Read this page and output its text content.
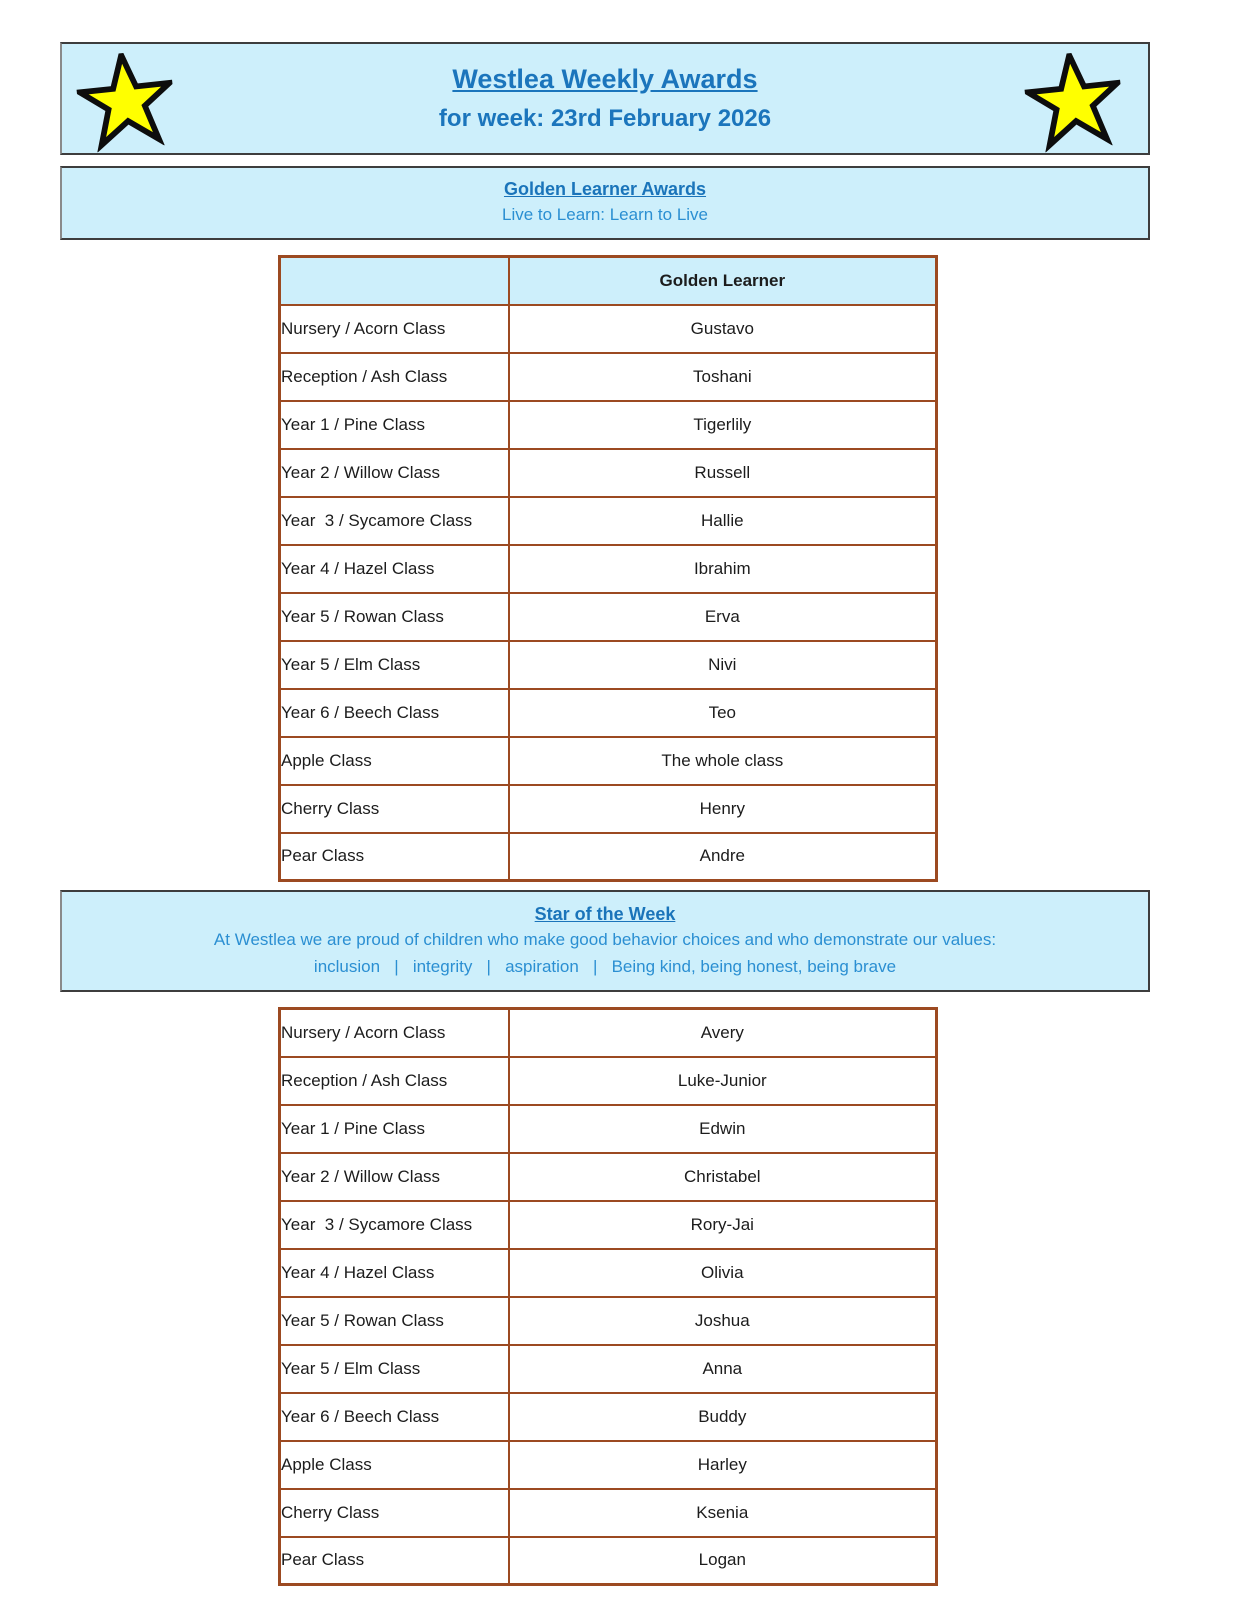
Westlea Weekly Awards
for week: 23rd February 2026
Golden Learner Awards
Live to Learn: Learn to Live
	Golden Learner
Nursery / Acorn Class	Gustavo
Reception / Ash Class	Toshani
Year 1 / Pine Class	Tigerlily
Year 2 / Willow Class	Russell
Year  3 / Sycamore Class	Hallie
Year 4 / Hazel Class	Ibrahim
Year 5 / Rowan Class	Erva
Year 5 / Elm Class	Nivi
Year 6 / Beech Class	Teo
Apple Class	The whole class
Cherry Class	Henry
Pear Class	Andre
Star of the Week
At Westlea we are proud of children who make good behavior choices and who demonstrate our values:
inclusion   |   integrity   |   aspiration   |   Being kind, being honest, being brave
Nursery / Acorn Class	Avery
Reception / Ash Class	Luke-Junior
Year 1 / Pine Class	Edwin
Year 2 / Willow Class	Christabel
Year  3 / Sycamore Class	Rory-Jai
Year 4 / Hazel Class	Olivia
Year 5 / Rowan Class	Joshua
Year 5 / Elm Class	Anna
Year 6 / Beech Class	Buddy
Apple Class	Harley
Cherry Class	Ksenia
Pear Class	Logan
